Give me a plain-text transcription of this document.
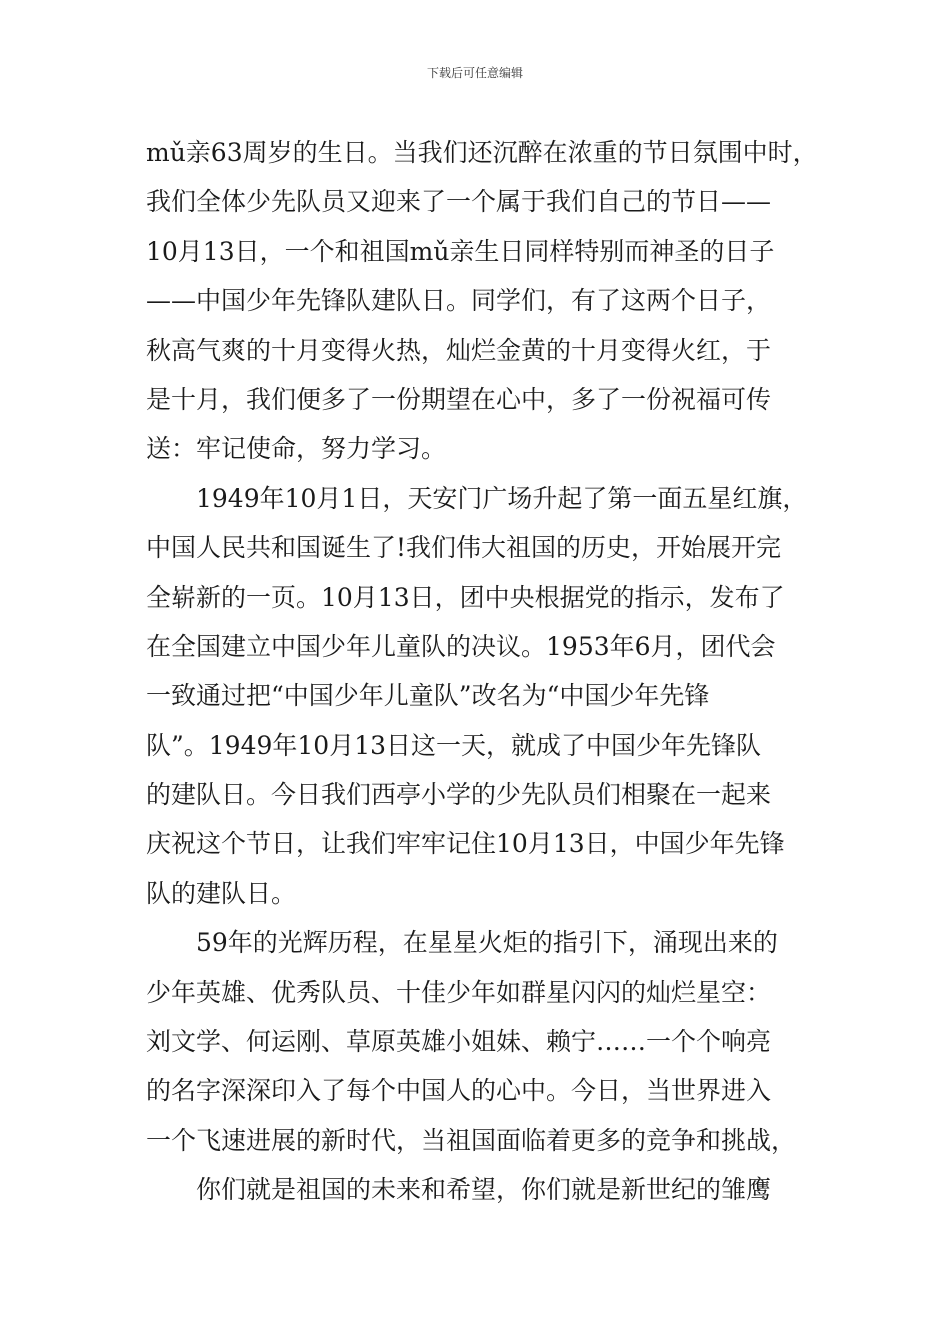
下载后可任意编辑
mǔ亲63周岁的生日。当我们还沉醉在浓重的节日氛围中时，
我们全体少先队员又迎来了一个属于我们自己的节日——
10月13日，一个和祖国mǔ亲生日同样特别而神圣的日子
——中国少年先锋队建队日。同学们，有了这两个日子，
秋高气爽的十月变得火热，灿烂金黄的十月变得火红，于
是十月，我们便多了一份期望在心中，多了一份祝福可传
送：牢记使命，努力学习。
1949年10月1日，天安门广场升起了第一面五星红旗，
中国人民共和国诞生了!我们伟大祖国的历史，开始展开完
全崭新的一页。10月13日，团中央根据党的指示，发布了
在全国建立中国少年儿童队的决议。1953年6月，团代会
一致通过把“中国少年儿童队”改名为“中国少年先锋
队”。1949年10月13日这一天，就成了中国少年先锋队
的建队日。今日我们西亭小学的少先队员们相聚在一起来
庆祝这个节日，让我们牢牢记住10月13日，中国少年先锋
队的建队日。
59年的光辉历程，在星星火炬的指引下，涌现出来的
少年英雄、优秀队员、十佳少年如群星闪闪的灿烂星空：
刘文学、何运刚、草原英雄小姐妹、赖宁……一个个响亮
的名字深深印入了每个中国人的心中。今日，当世界进入
一个飞速进展的新时代，当祖国面临着更多的竞争和挑战，
你们就是祖国的未来和希望，你们就是新世纪的雏鹰
